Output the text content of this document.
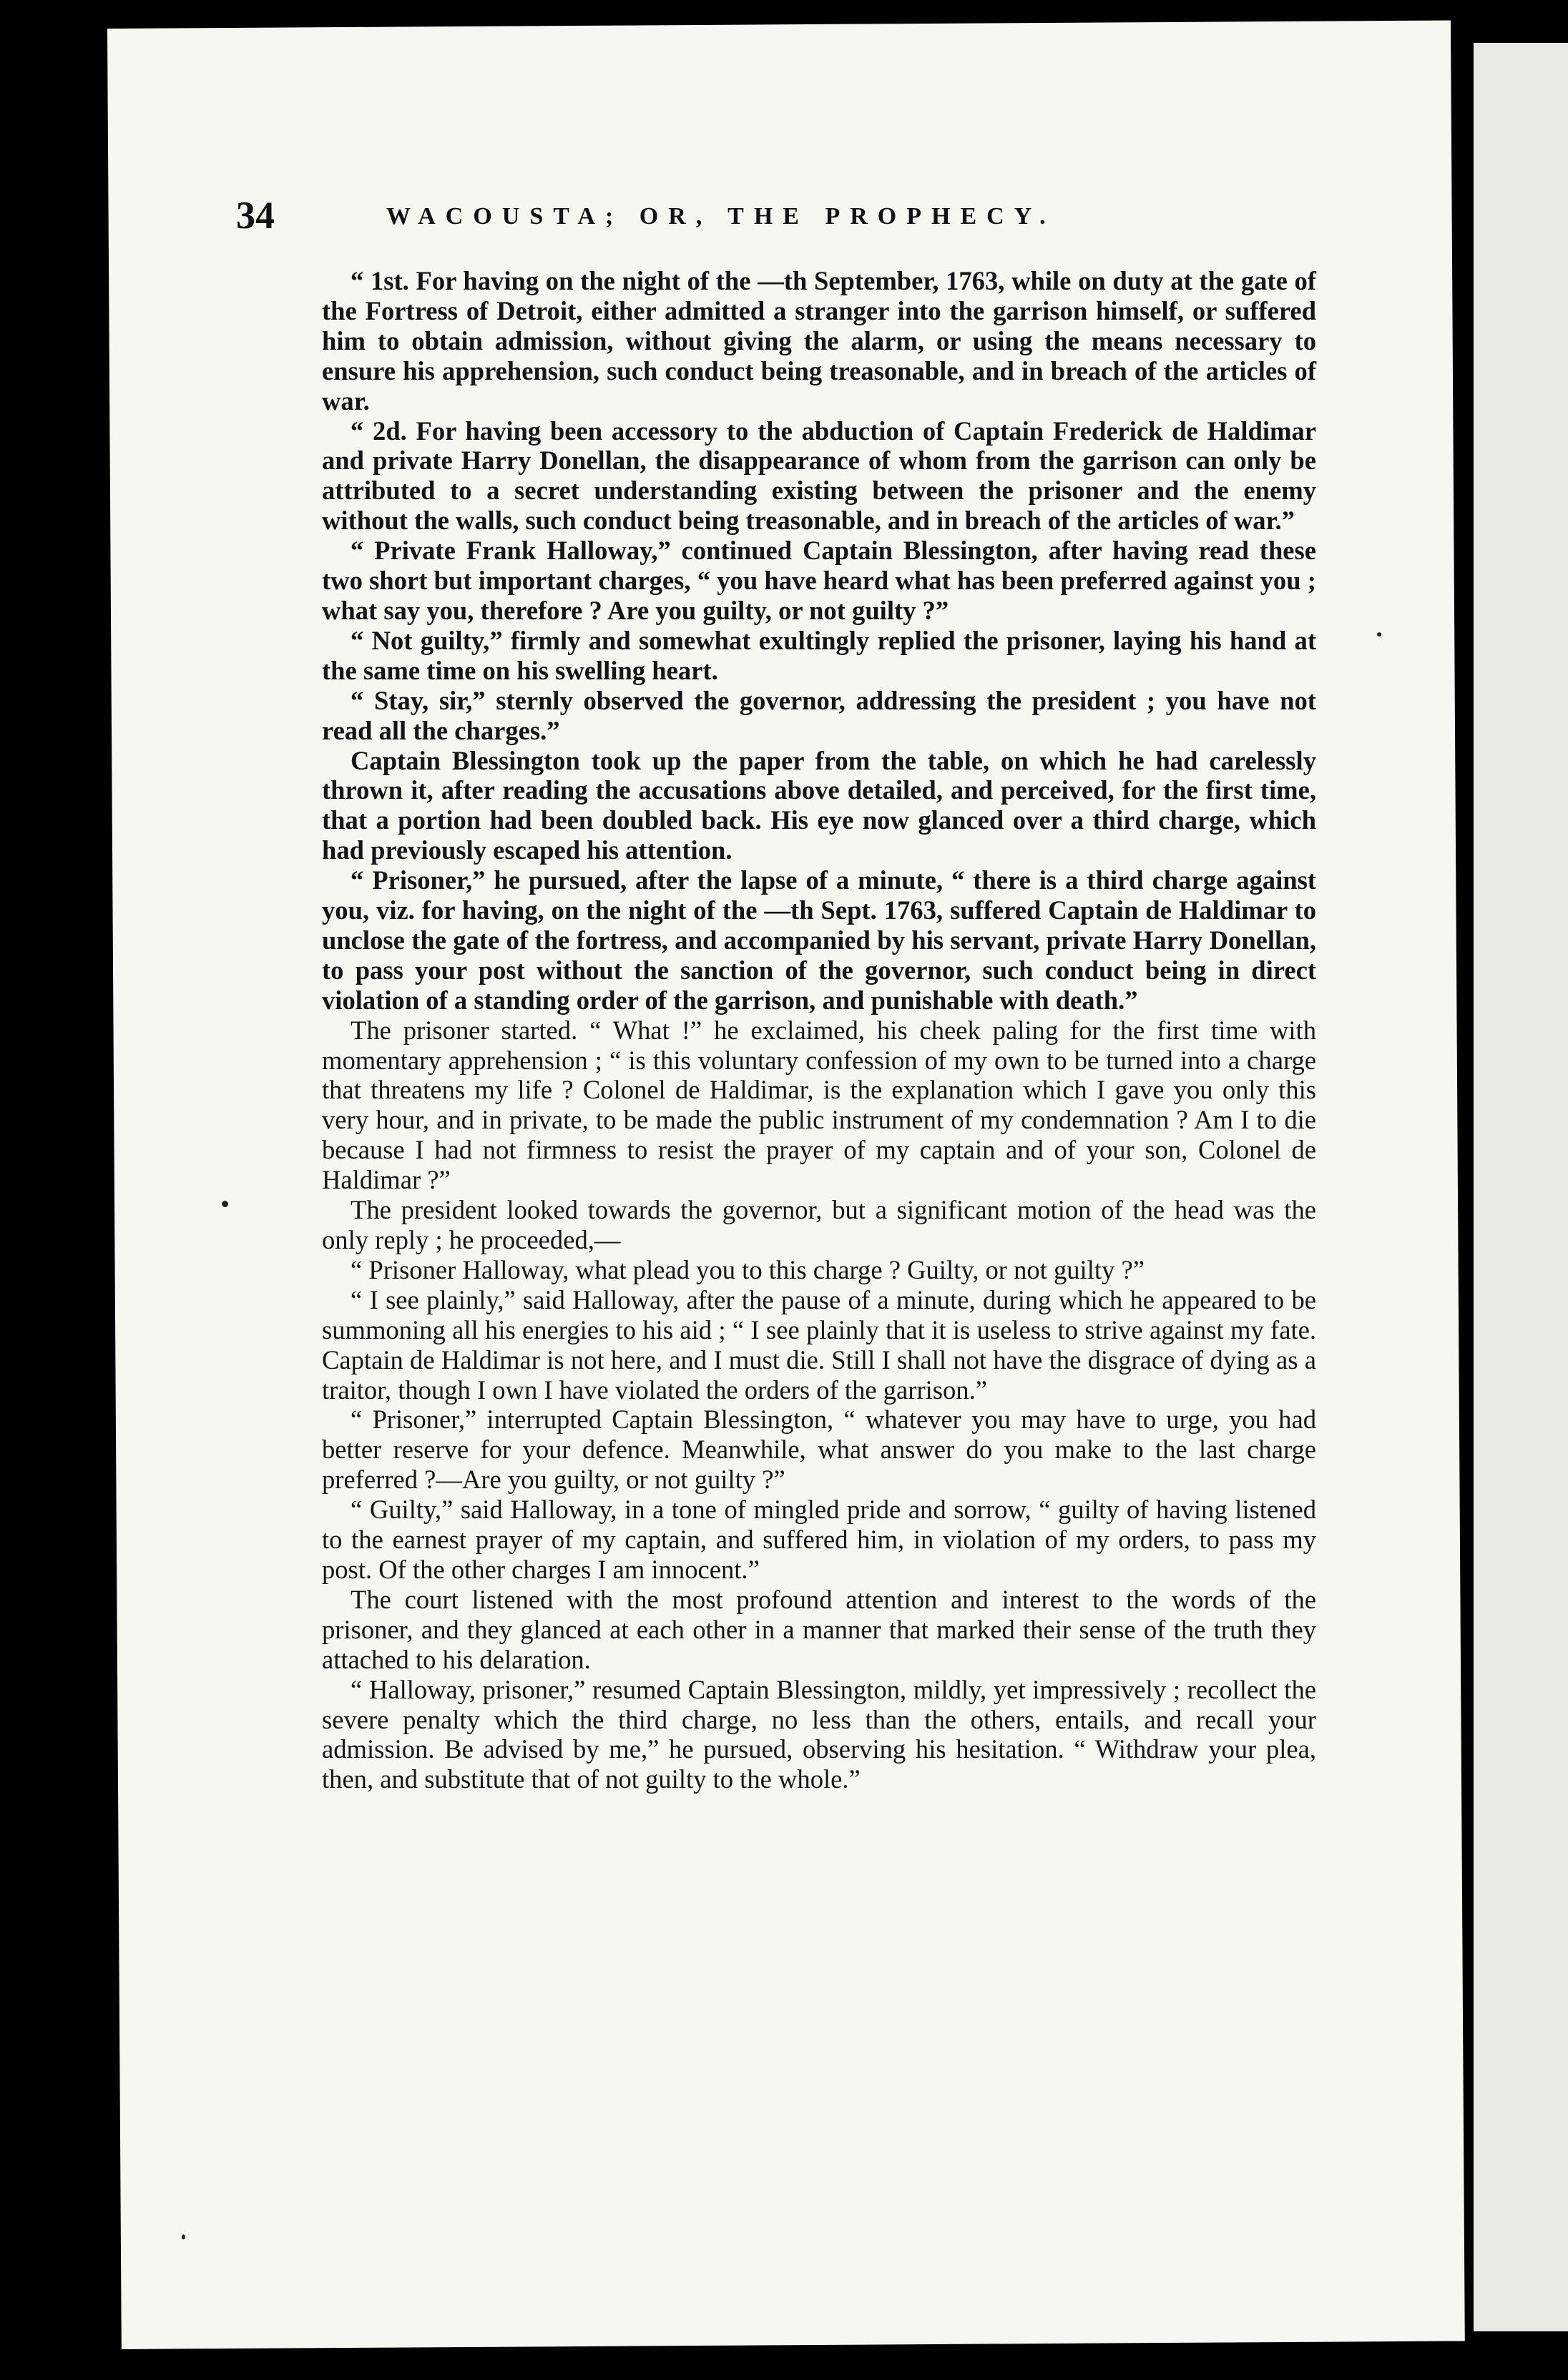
34	WACOUSTA; OR, THE PROPHECY.

“ 1st. For having on the night of the —th September, 1763, while on duty at the gate of the Fortress of Detroit, either admitted a stranger into the garrison himself, or suffered him to obtain admission, without giving the alarm, or using the means necessary to ensure his apprehension, such conduct being treasonable, and in breach of the articles of war.

“ 2d. For having been accessory to the abduction of Captain Frederick de Haldimar and private Harry Donellan, the disappearance of whom from the garrison can only be attributed to a secret understanding existing between the prisoner and the enemy without the walls, such conduct being treasonable, and in breach of the articles of war.”

“ Private Frank Halloway,” continued Captain Blessington, after having read these two short but important charges, “ you have heard what has been preferred against you ; what say you, therefore ? Are you guilty, or not guilty ?”

“ Not guilty,” firmly and somewhat exultingly replied the prisoner, laying his hand at the same time on his swelling heart.

“ Stay, sir,” sternly observed the governor, addressing the president ; you have not read all the charges.”

Captain Blessington took up the paper from the table, on which he had carelessly thrown it, after reading the accusations above detailed, and perceived, for the first time, that a portion had been doubled back. His eye now glanced over a third charge, which had previously escaped his attention.

“ Prisoner,” he pursued, after the lapse of a minute, “ there is a third charge against you, viz. for having, on the night of the —th Sept. 1763, suffered Captain de Haldimar to unclose the gate of the fortress, and accompanied by his servant, private Harry Donellan, to pass your post without the sanction of the governor, such conduct being in direct violation of a standing order of the garrison, and punishable with death.”

The prisoner started. “ What !” he exclaimed, his cheek paling for the first time with momentary apprehension ; “ is this voluntary confession of my own to be turned into a charge that threatens my life ? Colonel de Haldimar, is the explanation which I gave you only this very hour, and in private, to be made the public instrument of my condemnation ? Am I to die because I had not firmness to resist the prayer of my captain and of your son, Colonel de Haldimar ?”

The president looked towards the governor, but a significant motion of the head was the only reply ; he proceeded,—

“ Prisoner Halloway, what plead you to this charge ? Guilty, or not guilty ?”

“ I see plainly,” said Halloway, after the pause of a minute, during which he appeared to be summoning all his energies to his aid ; “ I see plainly that it is useless to strive against my fate. Captain de Haldimar is not here, and I must die. Still I shall not have the disgrace of dying as a traitor, though I own I have violated the orders of the garrison.”

“ Prisoner,” interrupted Captain Blessington, “ whatever you may have to urge, you had better reserve for your defence. Meanwhile, what answer do you make to the last charge preferred ?—Are you guilty, or not guilty ?”

“ Guilty,” said Halloway, in a tone of mingled pride and sorrow, “ guilty of having listened to the earnest prayer of my captain, and suffered him, in violation of my orders, to pass my post. Of the other charges I am innocent.”

The court listened with the most profound attention and interest to the words of the prisoner, and they glanced at each other in a manner that marked their sense of the truth they attached to his delaration.

“ Halloway, prisoner,” resumed Captain Blessington, mildly, yet impressively ; recollect the severe penalty which the third charge, no less than the others, entails, and recall your admission. Be advised by me,” he pursued, observing his hesitation. “ Withdraw your plea, then, and substitute that of not guilty to the whole.”
